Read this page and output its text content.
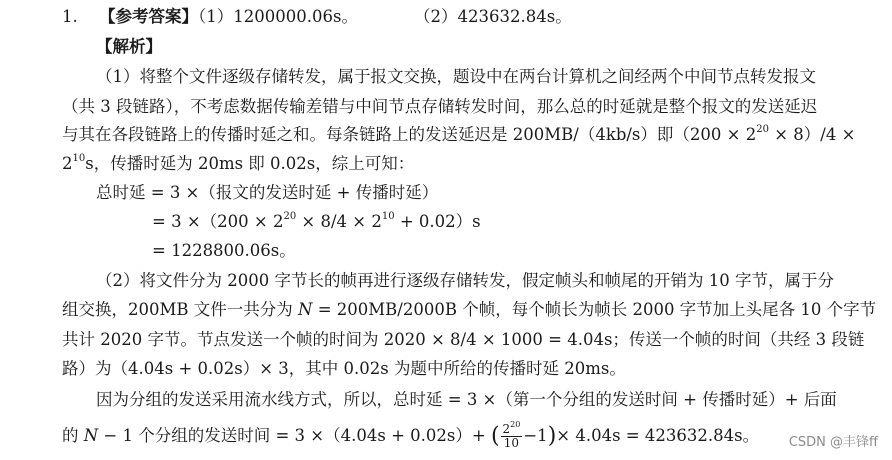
1. 【参考答案】（1）1200000.06s。	（2）423632.84s。
【解析】
（1）将整个文件逐级存储转发，属于报文交换，题设中在两台计算机之间经两个中间节点转发报文
（共 3 段链路），不考虑数据传输差错与中间节点存储转发时间，那么总的时延就是整个报文的发送延迟
与其在各段链路上的传播时延之和。每条链路上的发送延迟是 200MB/（4kb/s）即$(200 \times 2^{20} \times 8)/4$ ×
$2^{10}s$，传播时延为 20ms 即 0.02s，综上可知：
总时延 = 3 ×（报文的发送时延 + 传播时延）
= $3 \times(200 \times 2^{20} \times 8/4 \times 2^{10} + 0.02)s$
= 1228800.06s。
（2）将文件分为 2000 字节长的帧再进行逐级存储转发，假定帧头和帧尾的开销为 10 字节，属于分
组交换，200MB 文件一共分为 N = 200MB/2000B 个帧，每个帧长为帧长 2000 字节加上头尾各 10 个字节
共计 2020 字节。节点发送一个帧的时间为 2020 × 8/4 × 1000 = 4.04s；传送一个帧的时间（共经 3 段链
路）为（4.04s + 0.02s）× 3，其中 0.02s 为题中所给的传播时延 20ms。
因为分组的发送采用流水线方式，所以，总时延 = 3 ×（第一个分组的发送时间 + 传播时延）+ 后面
的 N − 1 个分组的发送时间 = 3 ×（4.04s + 0.02s）+ ( $\frac{2^{20}}{10} -1)\times 4.04s = 423632.84s$。 CSDN @丰锋ff
